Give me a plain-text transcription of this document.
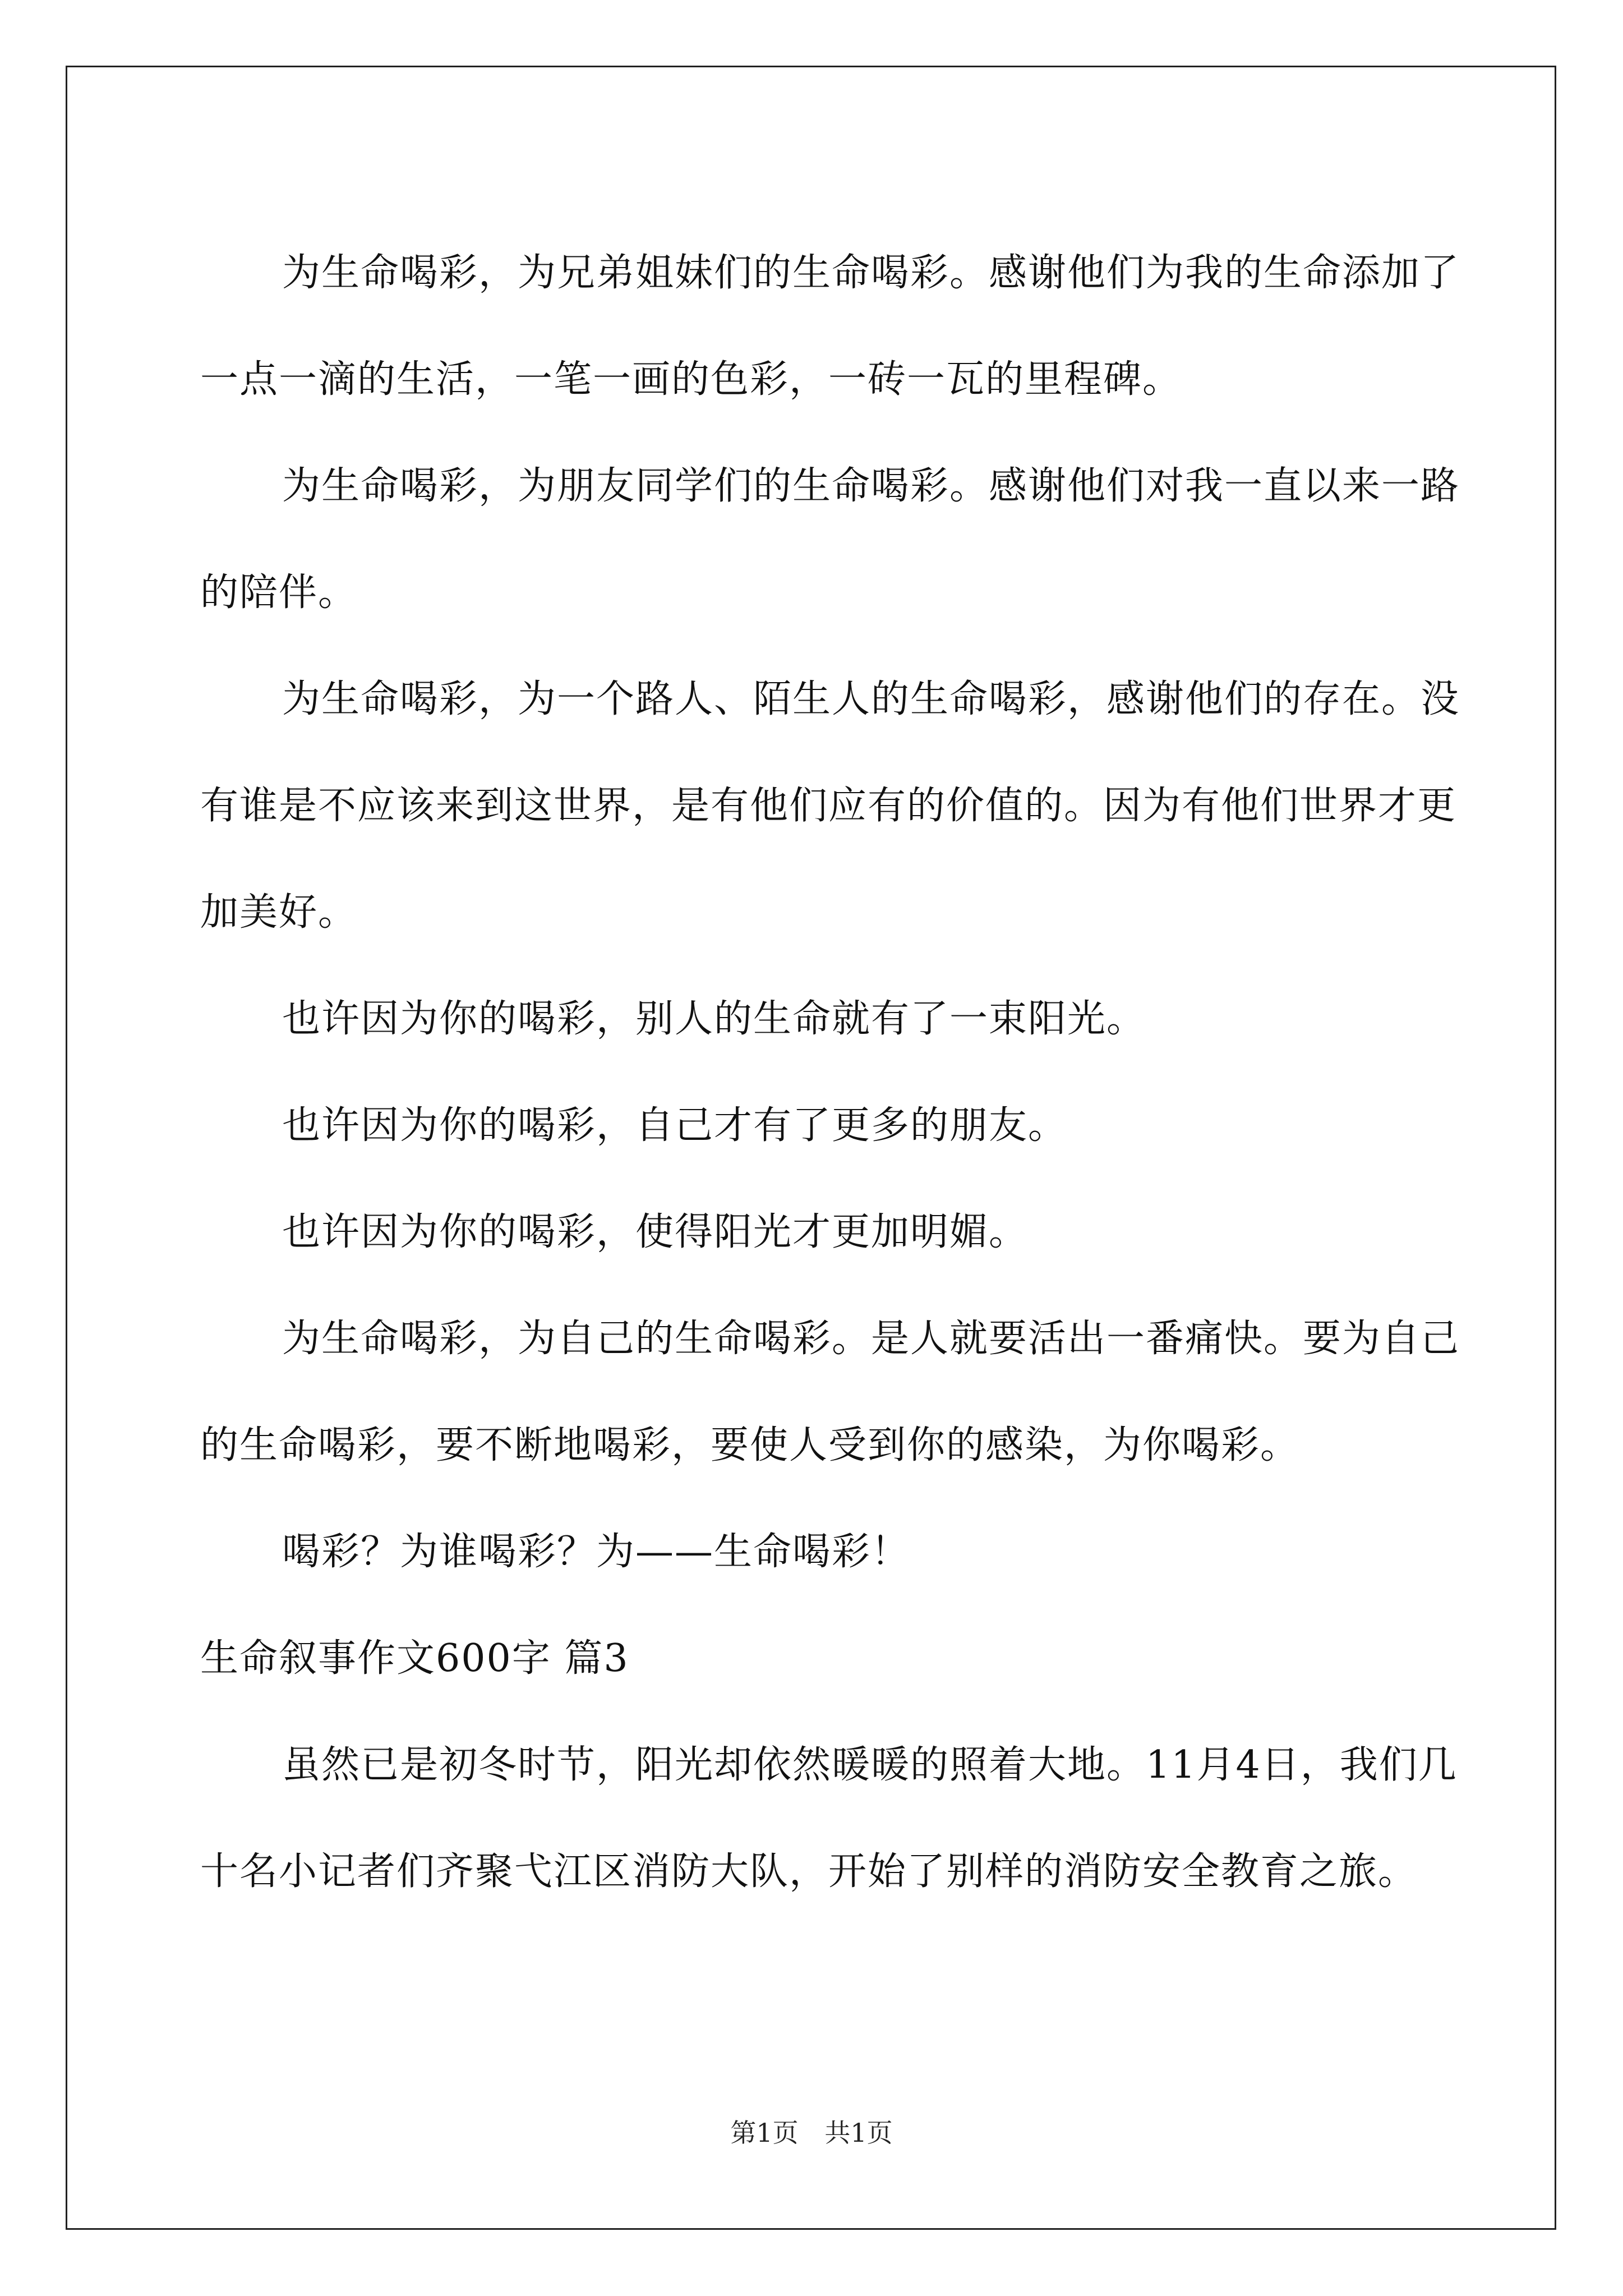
为生命喝彩，为兄弟姐妹们的生命喝彩。感谢他们为我的生命添加了一点一滴的生活，一笔一画的色彩，一砖一瓦的里程碑。

为生命喝彩，为朋友同学们的生命喝彩。感谢他们对我一直以来一路的陪伴。

为生命喝彩，为一个路人、陌生人的生命喝彩，感谢他们的存在。没有谁是不应该来到这世界，是有他们应有的价值的。因为有他们世界才更加美好。

也许因为你的喝彩，别人的生命就有了一束阳光。

也许因为你的喝彩，自己才有了更多的朋友。

也许因为你的喝彩，使得阳光才更加明媚。

为生命喝彩，为自己的生命喝彩。是人就要活出一番痛快。要为自己的生命喝彩，要不断地喝彩，要使人受到你的感染，为你喝彩。

喝彩？为谁喝彩？为——生命喝彩！

生命叙事作文600字 篇3

虽然已是初冬时节，阳光却依然暖暖的照着大地。11月4日，我们几十名小记者们齐聚弋江区消防大队，开始了别样的消防安全教育之旅。

第1页 共1页
